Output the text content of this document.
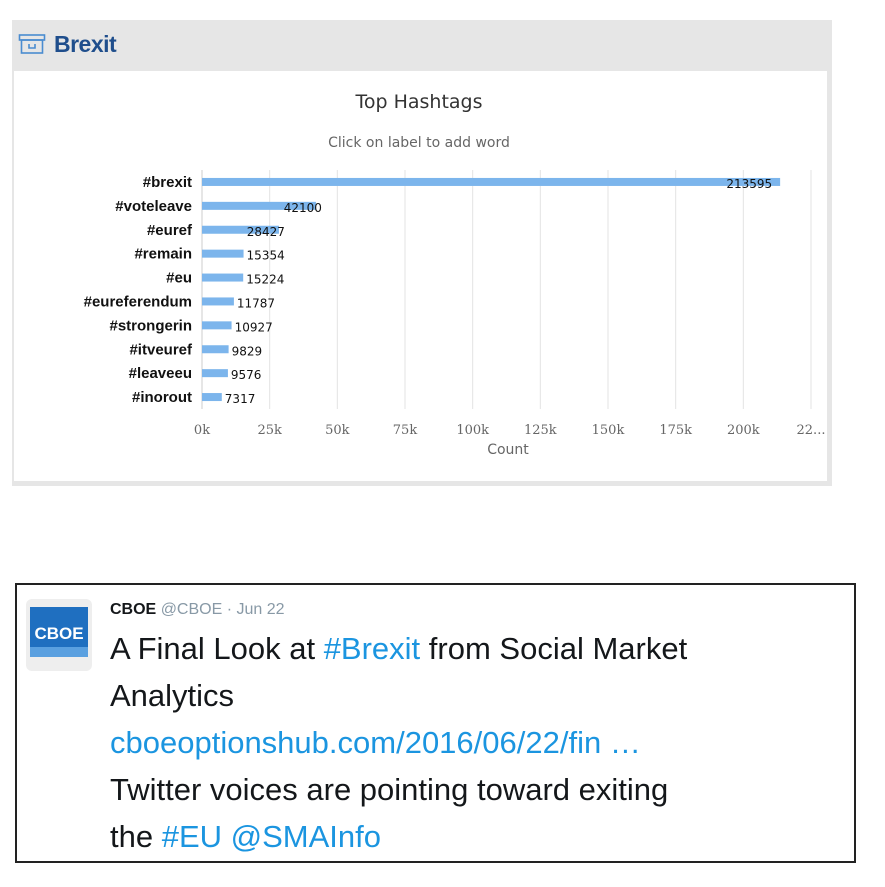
Brexit
Top Hashtags
Click on label to add word
213595
42100
28427
15354
15224
11787
10927
9829
9576
7317
#brexit
#voteleave
#euref
#remain
#eu
#eureferendum
#strongerin
#itveuref
#leaveeu
#inorout
0k	25k	50k	75k	100k	125k	150k	175k	200k	22...
Count
CBOE
CBOE @CBOE · Jun 22
A Final Look at #Brexit from Social Market
Analytics
cboeoptionshub.com/2016/06/22/fin …
Twitter voices are pointing toward exiting
the #EU @SMAInfo
